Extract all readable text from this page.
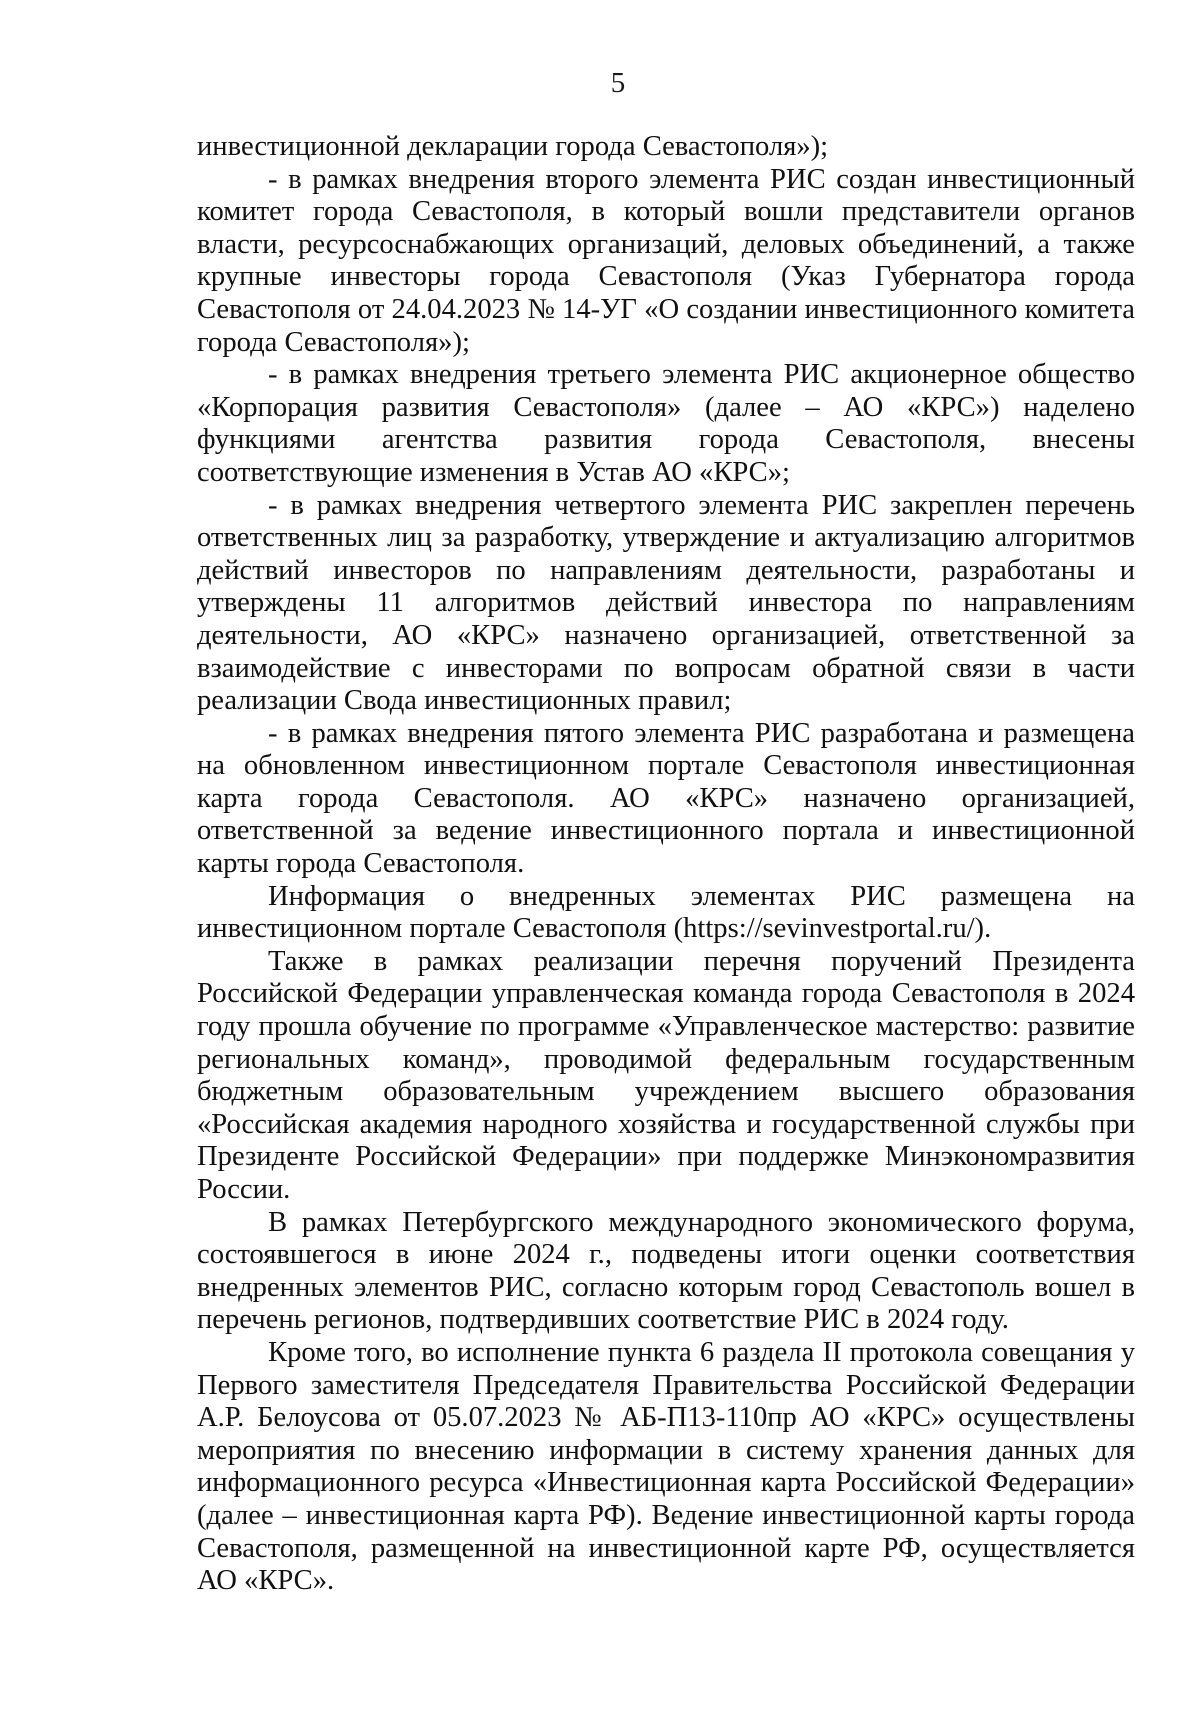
5

инвестиционной декларации города Севастополя»);

- в рамках внедрения второго элемента РИС создан инвестиционный комитет города Севастополя, в который вошли представители органов власти, ресурсоснабжающих организаций, деловых объединений, а также крупные инвесторы города Севастополя (Указ Губернатора города Севастополя от 24.04.2023 № 14-УГ «О создании инвестиционного комитета города Севастополя»);

- в рамках внедрения третьего элемента РИС акционерное общество «Корпорация развития Севастополя» (далее – АО «КРС») наделено функциями агентства развития города Севастополя, внесены соответствующие изменения в Устав АО «КРС»;

- в рамках внедрения четвертого элемента РИС закреплен перечень ответственных лиц за разработку, утверждение и актуализацию алгоритмов действий инвесторов по направлениям деятельности, разработаны и утверждены 11 алгоритмов действий инвестора по направлениям деятельности, АО «КРС» назначено организацией, ответственной за взаимодействие с инвесторами по вопросам обратной связи в части реализации Свода инвестиционных правил;

- в рамках внедрения пятого элемента РИС разработана и размещена на обновленном инвестиционном портале Севастополя инвестиционная карта города Севастополя. АО «КРС» назначено организацией, ответственной за ведение инвестиционного портала и инвестиционной карты города Севастополя.

Информация о внедренных элементах РИС размещена на инвестиционном портале Севастополя (https://sevinvestportal.ru/).

Также в рамках реализации перечня поручений Президента Российской Федерации управленческая команда города Севастополя в 2024 году прошла обучение по программе «Управленческое мастерство: развитие региональных команд», проводимой федеральным государственным бюджетным образовательным учреждением высшего образования «Российская академия народного хозяйства и государственной службы при Президенте Российской Федерации» при поддержке Минэкономразвития России.

В рамках Петербургского международного экономического форума, состоявшегося в июне 2024 г., подведены итоги оценки соответствия внедренных элементов РИС, согласно которым город Севастополь вошел в перечень регионов, подтвердивших соответствие РИС в 2024 году.

Кроме того, во исполнение пункта 6 раздела II протокола совещания у Первого заместителя Председателя Правительства Российской Федерации А.Р. Белоусова от 05.07.2023 № АБ-П13-110пр АО «КРС» осуществлены мероприятия по внесению информации в систему хранения данных для информационного ресурса «Инвестиционная карта Российской Федерации» (далее – инвестиционная карта РФ). Ведение инвестиционной карты города Севастополя, размещенной на инвестиционной карте РФ, осуществляется АО «КРС».
